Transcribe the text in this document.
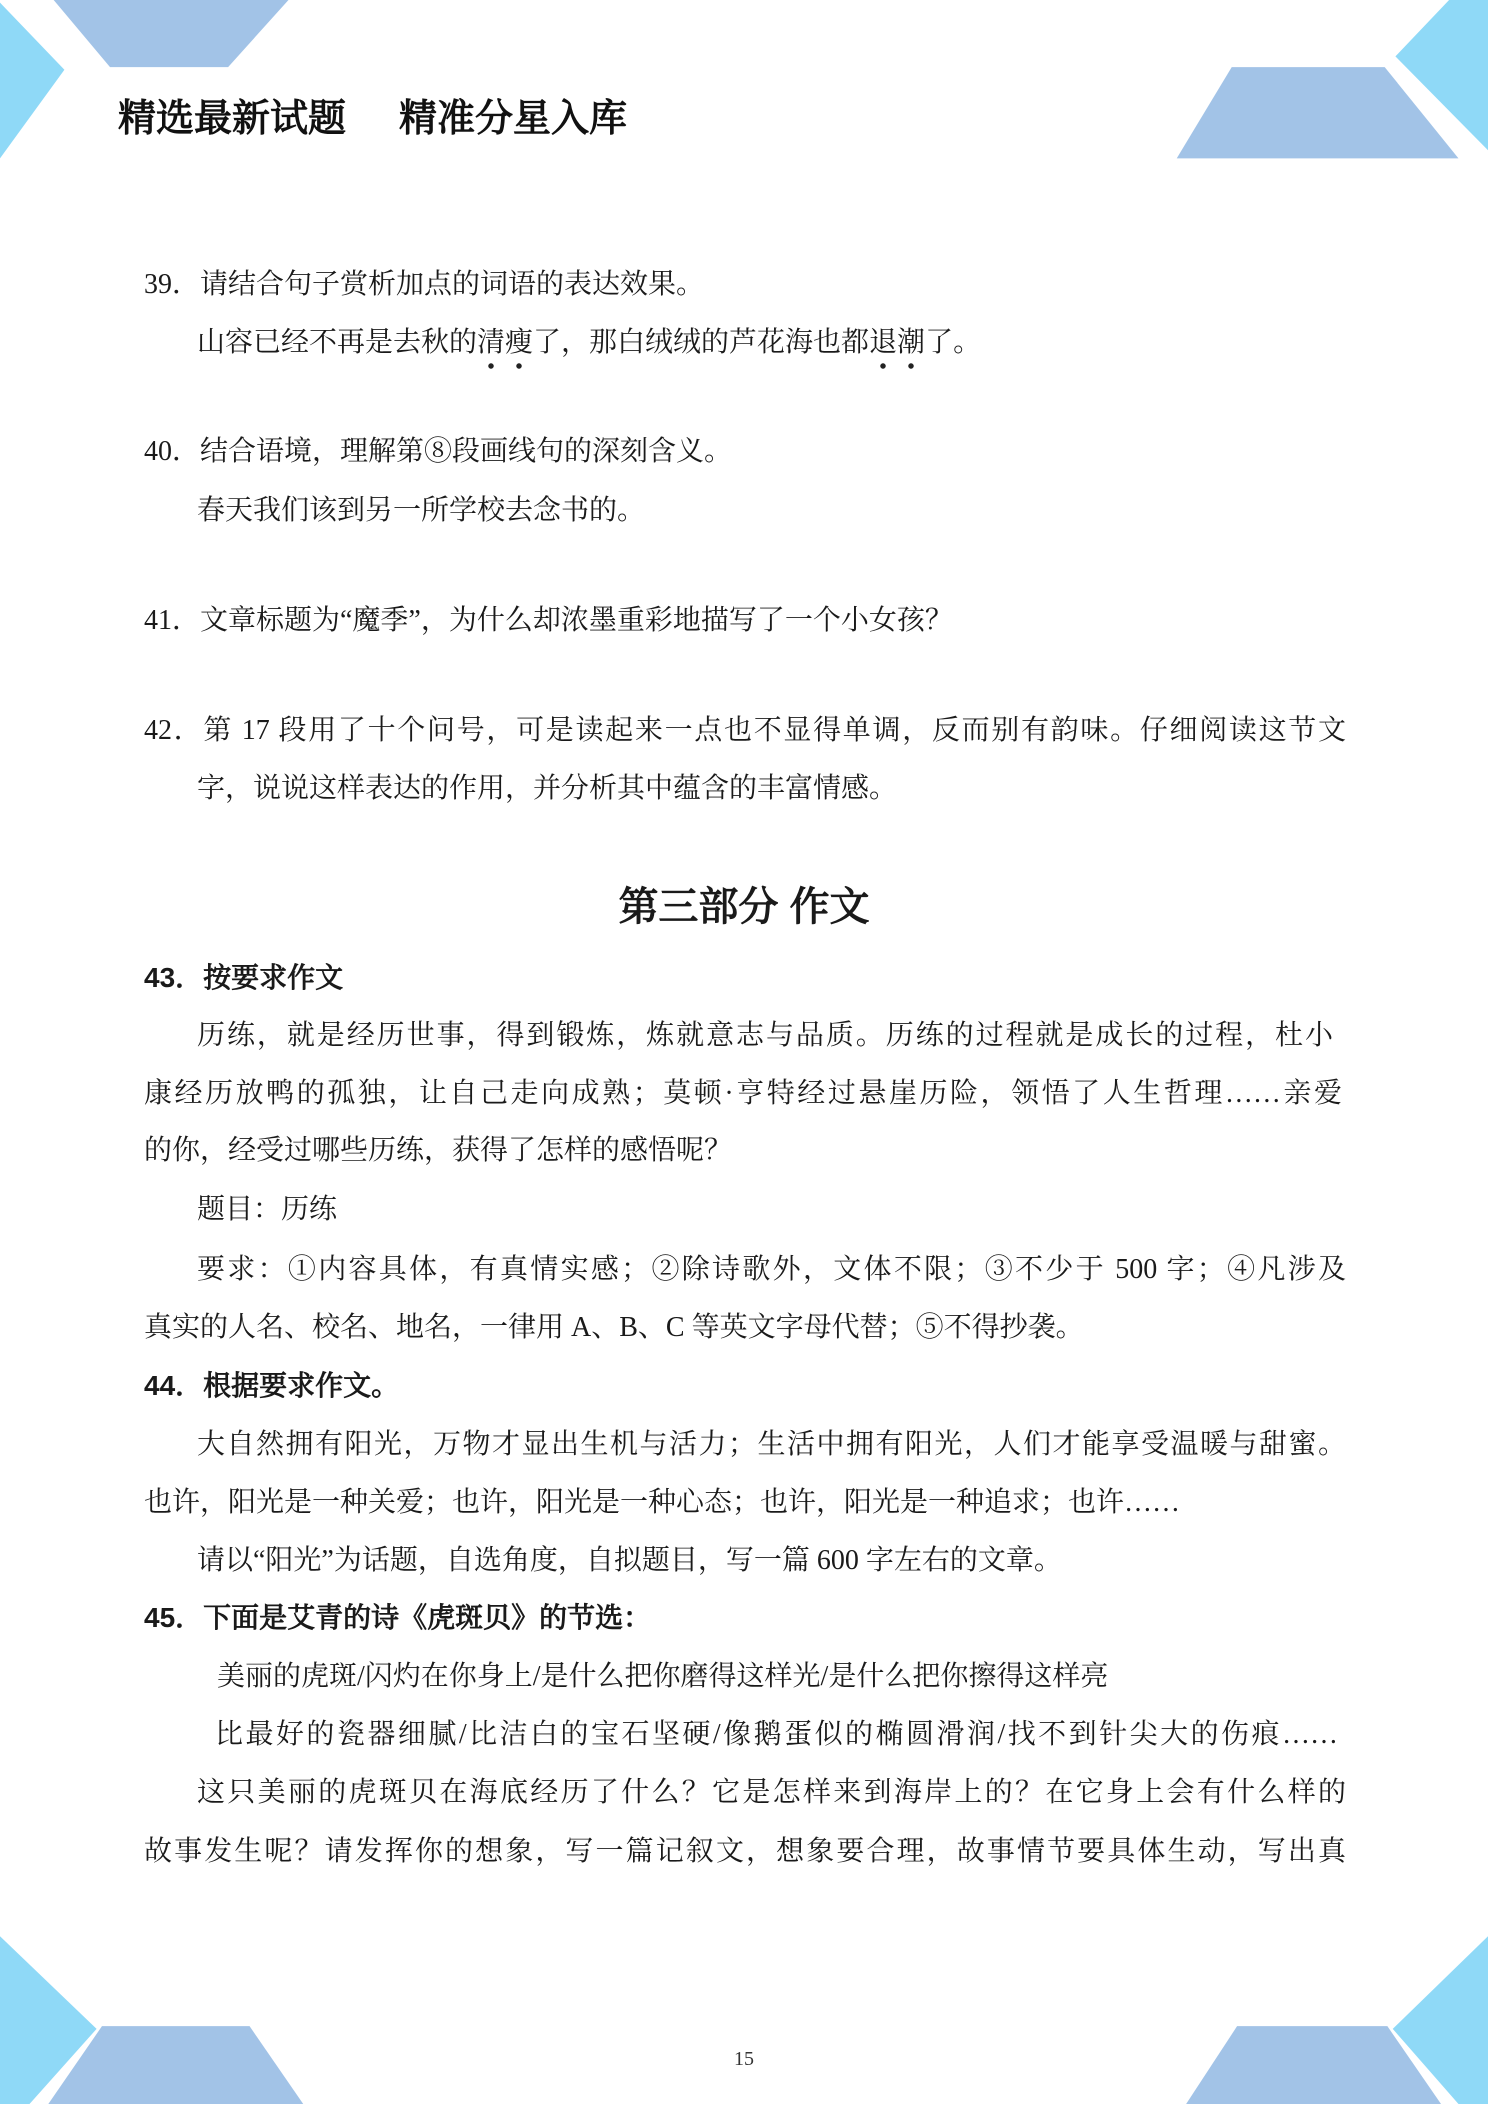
精选最新试题 精准分星入库
39．请结合句子赏析加点的词语的表达效果。
山容已经不再是去秋的清瘦了，那白绒绒的芦花海也都退潮了。
40．结合语境，理解第⑧段画线句的深刻含义。
春天我们该到另一所学校去念书的。
41．文章标题为“魔季”，为什么却浓墨重彩地描写了一个小女孩？
42．第 17 段用了十个问号，可是读起来一点也不显得单调，反而别有韵味。仔细阅读这节文
字，说说这样表达的作用，并分析其中蕴含的丰富情感。
第三部分 作文
43．按要求作文
历练，就是经历世事，得到锻炼，炼就意志与品质。历练的过程就是成长的过程，杜小
康经历放鸭的孤独，让自己走向成熟；莫顿·亨特经过悬崖历险，领悟了人生哲理……亲爱
的你，经受过哪些历练，获得了怎样的感悟呢？
题目：历练
要求：①内容具体，有真情实感；②除诗歌外，文体不限；③不少于 500 字；④凡涉及
真实的人名、校名、地名，一律用 A、B、C 等英文字母代替；⑤不得抄袭。
44．根据要求作文。
大自然拥有阳光，万物才显出生机与活力；生活中拥有阳光，人们才能享受温暖与甜蜜。
也许，阳光是一种关爱；也许，阳光是一种心态；也许，阳光是一种追求；也许……
请以“阳光”为话题，自选角度，自拟题目，写一篇 600 字左右的文章。
45．下面是艾青的诗《虎斑贝》的节选：
美丽的虎斑/闪灼在你身上/是什么把你磨得这样光/是什么把你擦得这样亮
比最好的瓷器细腻/比洁白的宝石坚硬/像鹅蛋似的椭圆滑润/找不到针尖大的伤痕……
这只美丽的虎斑贝在海底经历了什么？它是怎样来到海岸上的？在它身上会有什么样的
故事发生呢？请发挥你的想象，写一篇记叙文，想象要合理，故事情节要具体生动，写出真
15
